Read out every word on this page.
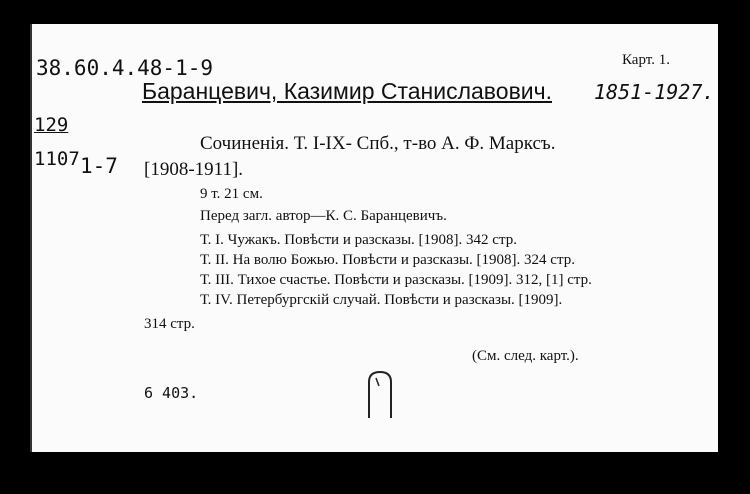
38.60.4.48-1-9	Карт. 1.
Баранцевич, Казимир Станиславович. 1851-1927.
129
1107 1-7
Сочиненія. Т. I-IX- Спб., т-во А. Ф. Марксъ.
[1908-1911].
9 т. 21 см.
Перед загл. автор—К. С. Баранцевичъ.
Т. I. Чужакъ. Повѣсти и разсказы. [1908]. 342 стр.
Т. II. На волю Божью. Повѣсти и разсказы. [1908]. 324 стр.
Т. III. Тихое счастье. Повѣсти и разсказы. [1909]. 312, [1] стр.
Т. IV. Петербургскій случай. Повѣсти и разсказы. [1909].
314 стр.
(См. след. карт.).
6 403.
